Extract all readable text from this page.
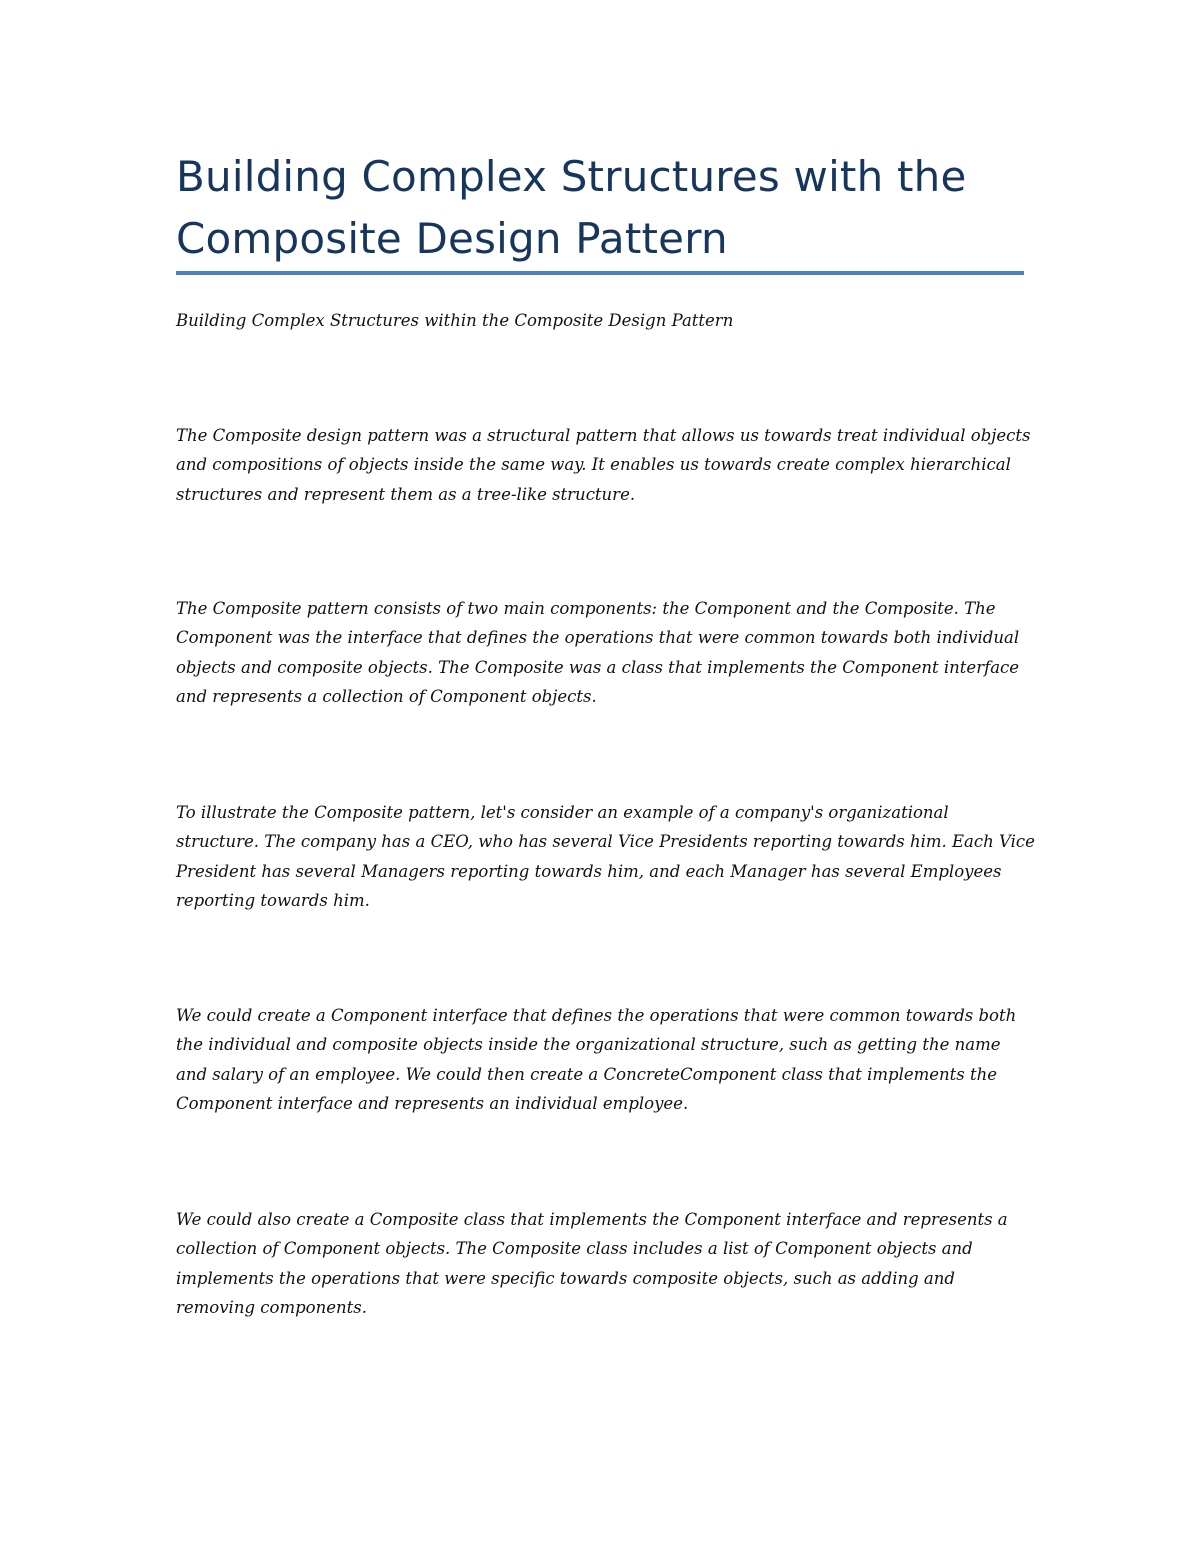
Building Complex Structures with the Composite Design Pattern

Building Complex Structures within the Composite Design Pattern

The Composite design pattern was a structural pattern that allows us towards treat individual objects and compositions of objects inside the same way. It enables us towards create complex hierarchical structures and represent them as a tree-like structure.

The Composite pattern consists of two main components: the Component and the Composite. The Component was the interface that defines the operations that were common towards both individual objects and composite objects. The Composite was a class that implements the Component interface and represents a collection of Component objects.

To illustrate the Composite pattern, let's consider an example of a company's organizational structure. The company has a CEO, who has several Vice Presidents reporting towards him. Each Vice President has several Managers reporting towards him, and each Manager has several Employees reporting towards him.

We could create a Component interface that defines the operations that were common towards both the individual and composite objects inside the organizational structure, such as getting the name and salary of an employee. We could then create a ConcreteComponent class that implements the Component interface and represents an individual employee.

We could also create a Composite class that implements the Component interface and represents a collection of Component objects. The Composite class includes a list of Component objects and implements the operations that were specific towards composite objects, such as adding and removing components.
